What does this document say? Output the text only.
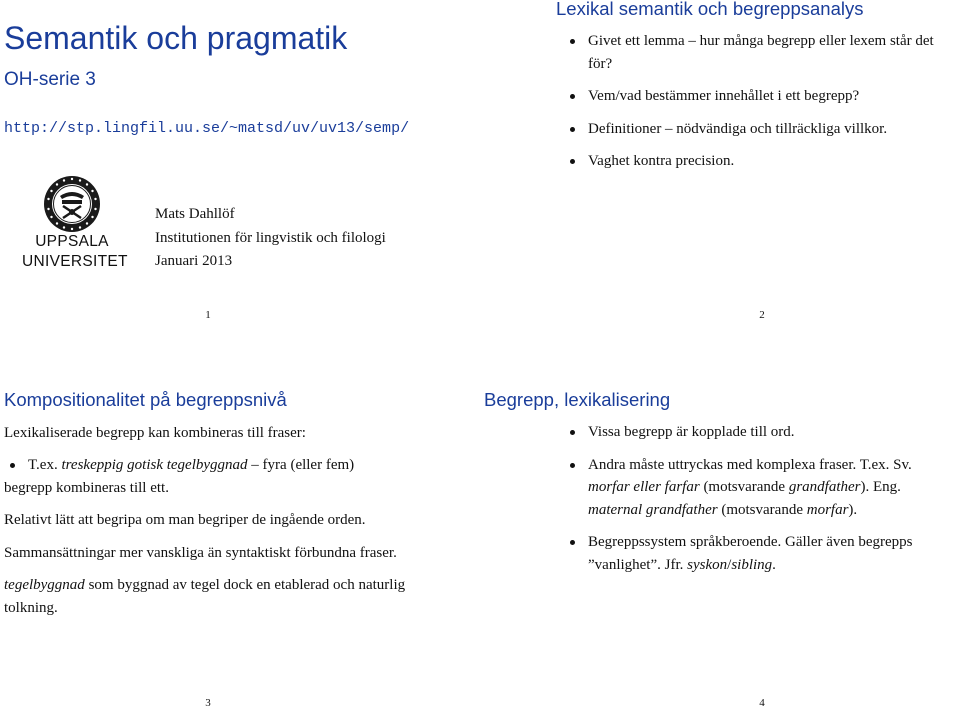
Semantik och pragmatik
OH-serie 3
http://stp.lingfil.uu.se/~matsd/uv/uv13/semp/
UPPSALA
UNIVERSITET
Mats Dahllöf
Institutionen för lingvistik och filologi
Januari 2013
1
Lexikal semantik och begreppsanalys
Givet ett lemma – hur många begrepp eller lexem står det för?
Vem/vad bestämmer innehållet i ett begrepp?
Definitioner – nödvändiga och tillräckliga villkor.
Vaghet kontra precision.
2
Kompositionalitet på begreppsnivå
Lexikaliserade begrepp kan kombineras till fraser:
T.ex. treskeppig gotisk tegelbyggnad – fyra (eller fem)
begrepp kombineras till ett.
Relativt lätt att begripa om man begriper de ingående orden.
Sammansättningar mer vanskliga än syntaktiskt förbundna fraser.
tegelbyggnad som byggnad av tegel dock en etablerad och naturlig tolkning.
3
Begrepp, lexikalisering
Vissa begrepp är kopplade till ord.
Andra måste uttryckas med komplexa fraser. T.ex. Sv. morfar eller farfar (motsvarande grandfather). Eng. maternal grandfather (motsvarande morfar).
Begreppssystem språkberoende. Gäller även begrepps ”vanlighet”. Jfr. syskon/sibling.
4
